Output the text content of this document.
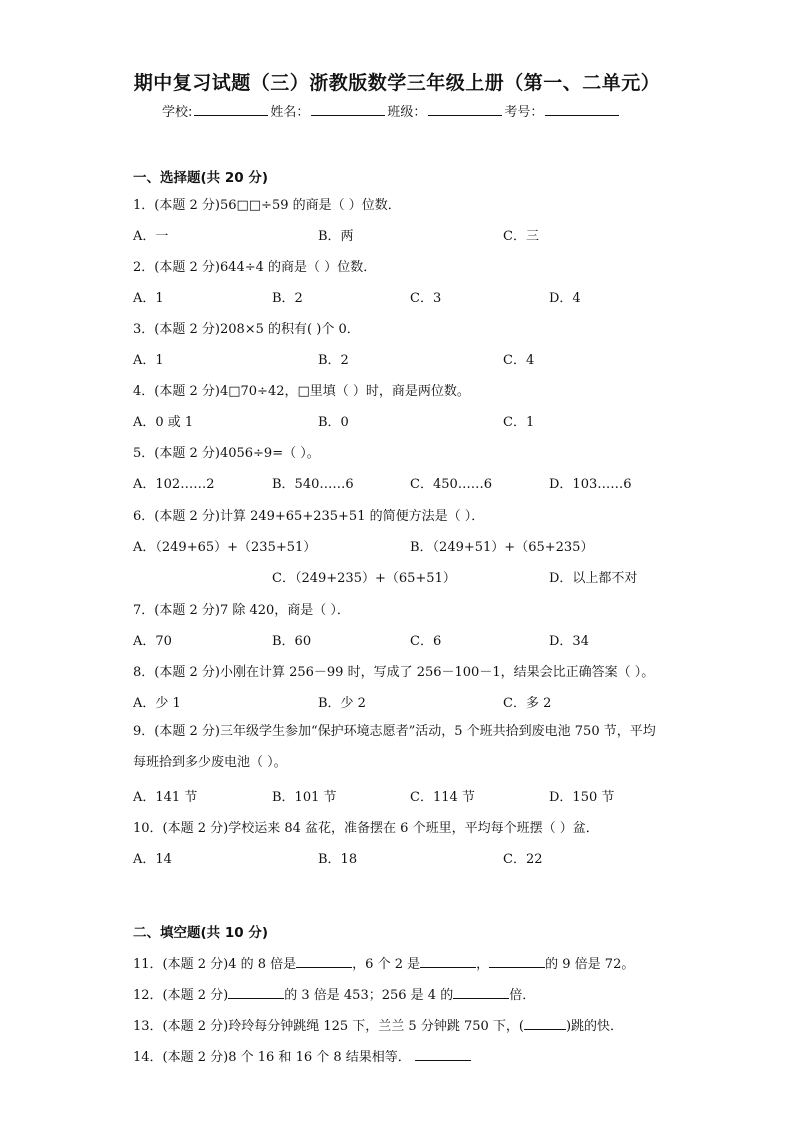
期中复习试题（三）浙教版数学三年级上册（第一、二单元）
学校:	姓名：	班级：	考号：
一、选择题(共 20 分)
1．(本题 2 分)56□□÷59 的商是（ ）位数．
A．一	B．两	C．三
2．(本题 2 分)644÷4 的商是（ ）位数．
A．1	B．2	C．3	D．4
3．(本题 2 分)208×5 的积有( )个 0．
A．1	B．2	C．4
4．(本题 2 分)4□70÷42，□里填（ ）时，商是两位数。
A．0 或 1	B．0	C．1
5．(本题 2 分)4056÷9=（ ）。
A．102……2	B．540……6	C．450……6	D．103……6
6．(本题 2 分)计算 249+65+235+51 的简便方法是（ ）．
A．（249+65）+（235+51）	B．（249+51）+（65+235）
C．（249+235）+（65+51）	D．以上都不对
7．(本题 2 分)7 除 420，商是（ ）．
A．70	B．60	C．6	D．34
8．(本题 2 分)小刚在计算 256－99 时，写成了 256－100－1，结果会比正确答案（ ）。
A．少 1	B．少 2	C．多 2
9．(本题 2 分)三年级学生参加“保护环境志愿者”活动，5 个班共拾到废电池 750 节，平均每班拾到多少废电池（ ）。
A．141 节	B．101 节	C．114 节	D．150 节
10．(本题 2 分)学校运来 84 盆花，准备摆在 6 个班里，平均每个班摆（ ）盆．
A．14	B．18	C．22
二、填空题(共 10 分)
11．(本题 2 分)4 的 8 倍是	，6 个 2 是	，	的 9 倍是 72。
12．(本题 2 分)	的 3 倍是 453；256 是 4 的	倍．
13．(本题 2 分)玲玲每分钟跳绳 125 下，兰兰 5 分钟跳 750 下，(	)跳的快．
14．(本题 2 分)8 个 16 和 16 个 8 结果相等．
